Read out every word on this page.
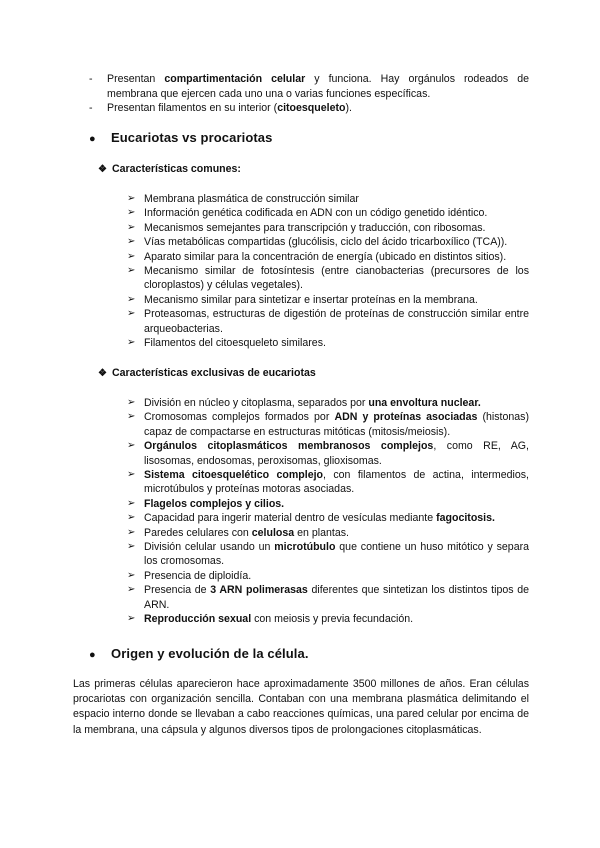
- Presentan compartimentación celular y funciona. Hay orgánulos rodeados de membrana que ejercen cada uno una o varias funciones específicas.
- Presentan filamentos en su interior (citoesqueleto).
● Eucariotas vs procariotas
❖ Características comunes:
➢ Membrana plasmática de construcción similar
➢ Información genética codificada en ADN con un código genetido idéntico.
➢ Mecanismos semejantes para transcripción y traducción, con ribosomas.
➢ Vías metabólicas compartidas (glucólisis, ciclo del ácido tricarboxílico (TCA)).
➢ Aparato similar para la concentración de energía (ubicado en distintos sitios).
➢ Mecanismo similar de fotosíntesis (entre cianobacterias (precursores de los cloroplastos) y células vegetales).
➢ Mecanismo similar para sintetizar e insertar proteínas en la membrana.
➢ Proteasomas, estructuras de digestión de proteínas de construcción similar entre arqueobacterias.
➢ Filamentos del citoesqueleto similares.
❖ Características exclusivas de eucariotas
➢ División en núcleo y citoplasma, separados por una envoltura nuclear.
➢ Cromosomas complejos formados por ADN y proteínas asociadas (histonas) capaz de compactarse en estructuras mitóticas (mitosis/meiosis).
➢ Orgánulos citoplasmáticos membranosos complejos, como RE, AG, lisosomas, endosomas, peroxisomas, glioxisomas.
➢ Sistema citoesquelético complejo, con filamentos de actina, intermedios, microtúbulos y proteínas motoras asociadas.
➢ Flagelos complejos y cilios.
➢ Capacidad para ingerir material dentro de vesículas mediante fagocitosis.
➢ Paredes celulares con celulosa en plantas.
➢ División celular usando un microtúbulo que contiene un huso mitótico y separa los cromosomas.
➢ Presencia de diploidía.
➢ Presencia de 3 ARN polimerasas diferentes que sintetizan los distintos tipos de ARN.
➢ Reproducción sexual con meiosis y previa fecundación.
● Origen y evolución de la célula.
Las primeras células aparecieron hace aproximadamente 3500 millones de años. Eran células procariotas con organización sencilla. Contaban con una membrana plasmática delimitando el espacio interno donde se llevaban a cabo reacciones químicas, una pared celular por encima de la membrana, una cápsula y algunos diversos tipos de prolongaciones citoplasmáticas.
